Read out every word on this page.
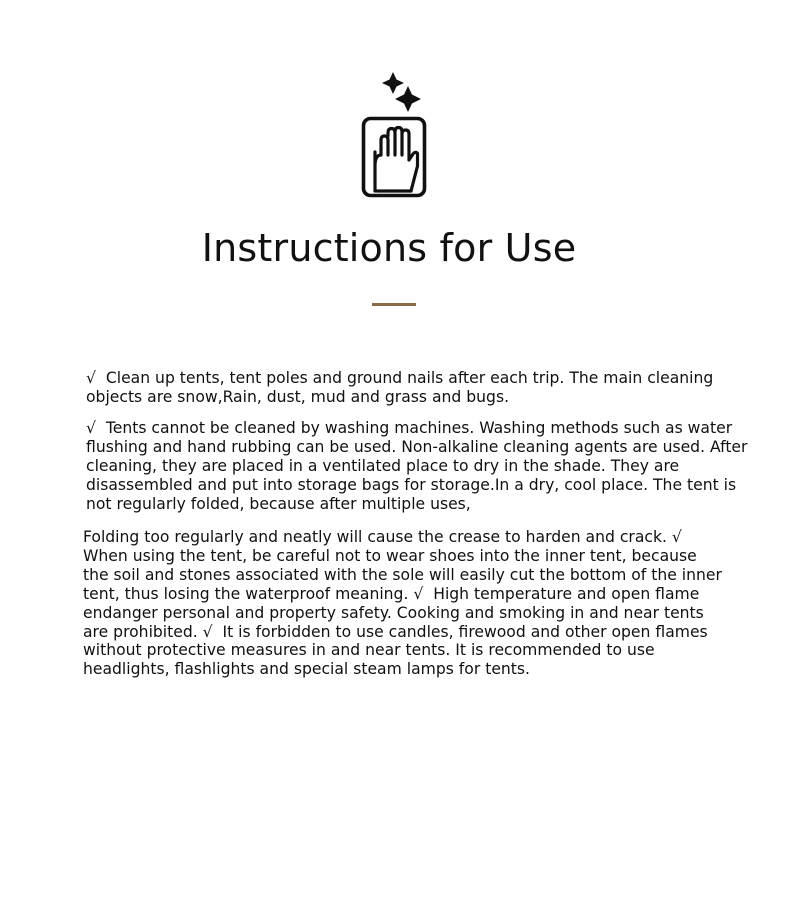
Instructions for Use

√  Clean up tents, tent poles and ground nails after each trip. The main cleaning
objects are snow,Rain, dust, mud and grass and bugs.

√  Tents cannot be cleaned by washing machines. Washing methods such as water
flushing and hand rubbing can be used. Non-alkaline cleaning agents are used. After
cleaning, they are placed in a ventilated place to dry in the shade. They are
disassembled and put into storage bags for storage.In a dry, cool place. The tent is
not regularly folded, because after multiple uses,

Folding too regularly and neatly will cause the crease to harden and crack. √
When using the tent, be careful not to wear shoes into the inner tent, because
the soil and stones associated with the sole will easily cut the bottom of the inner
tent, thus losing the waterproof meaning. √  High temperature and open flame
endanger personal and property safety. Cooking and smoking in and near tents
are prohibited. √  It is forbidden to use candles, firewood and other open flames
without protective measures in and near tents. It is recommended to use
headlights, flashlights and special steam lamps for tents.
